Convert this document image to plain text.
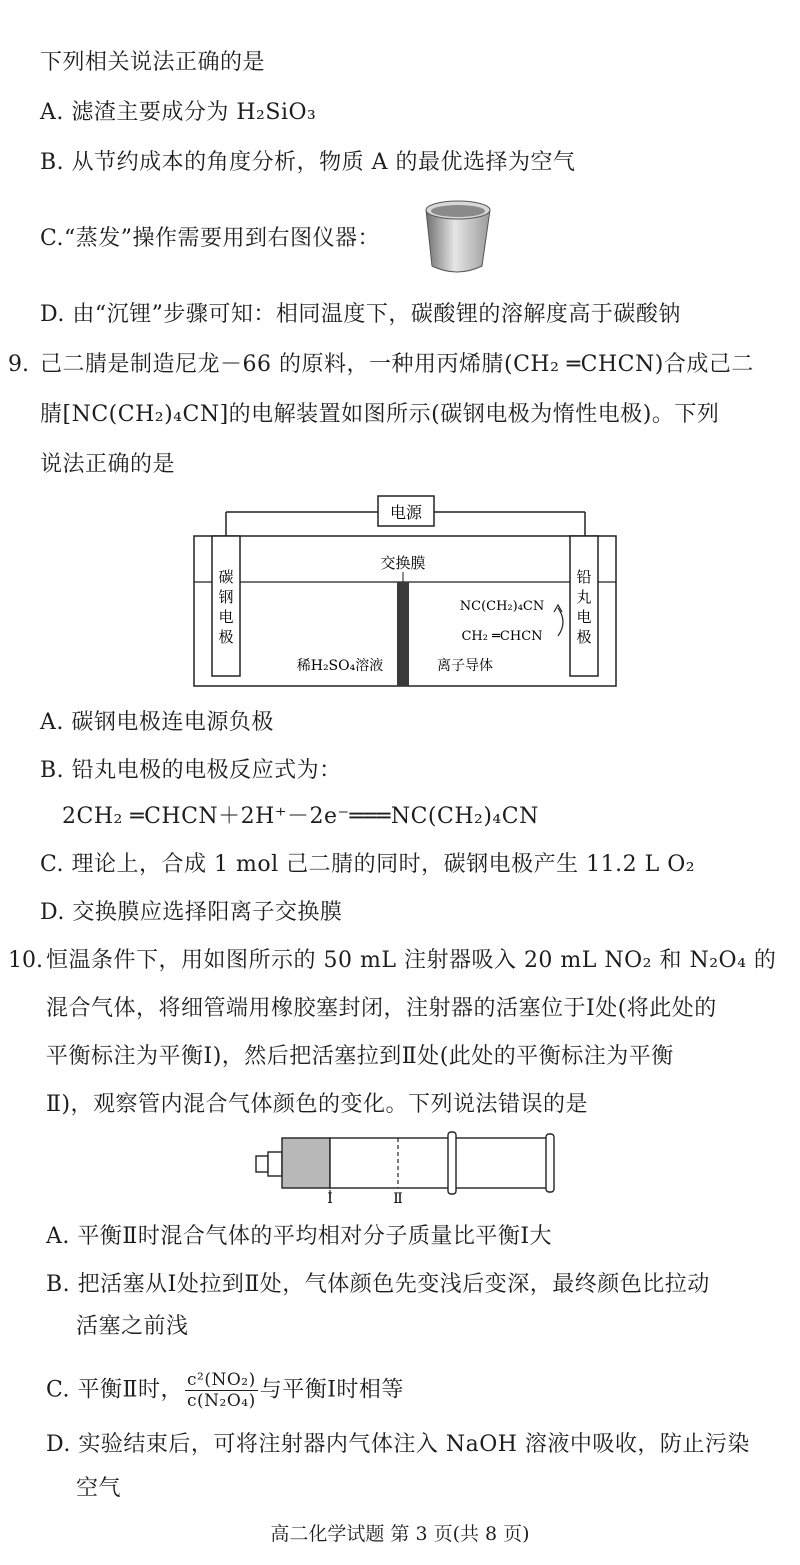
下列相关说法正确的是
A. 滤渣主要成分为 H₂SiO₃
B. 从节约成本的角度分析，物质 A 的最优选择为空气
C.“蒸发”操作需要用到右图仪器：
D. 由“沉锂”步骤可知：相同温度下，碳酸锂的溶解度高于碳酸钠
9. 己二腈是制造尼龙－66 的原料，一种用丙烯腈(CH₂ ═CHCN)合成己二
腈[NC(CH₂)₄CN]的电解装置如图所示(碳钢电极为惰性电极)。下列
说法正确的是
电源
碳
钢
电
极
铅
丸
电
极
交换膜
稀H₂SO₄溶液	离子导体
NC(CH₂)₄CN
CH₂ ═CHCN
A. 碳钢电极连电源负极
B. 铅丸电极的电极反应式为：
2CH₂ ═CHCN＋2H⁺－2e⁻═══NC(CH₂)₄CN
C. 理论上，合成 1 mol 己二腈的同时，碳钢电极产生 11.2 L O₂
D. 交换膜应选择阳离子交换膜
10. 恒温条件下，用如图所示的 50 mL 注射器吸入 20 mL NO₂ 和 N₂O₄ 的
混合气体，将细管端用橡胶塞封闭，注射器的活塞位于Ⅰ处(将此处的
平衡标注为平衡Ⅰ)，然后把活塞拉到Ⅱ处(此处的平衡标注为平衡
Ⅱ)，观察管内混合气体颜色的变化。下列说法错误的是
Ⅰ	Ⅱ
A. 平衡Ⅱ时混合气体的平均相对分子质量比平衡Ⅰ大
B. 把活塞从Ⅰ处拉到Ⅱ处，气体颜色先变浅后变深，最终颜色比拉动
活塞之前浅
C. 平衡Ⅱ时， $\frac{\text{c²(NO₂)}}{\text{c(N₂O₄)}}$ 与平衡Ⅰ时相等
D. 实验结束后，可将注射器内气体注入 NaOH 溶液中吸收，防止污染
空气
高二化学试题 第 3 页(共 8 页)
